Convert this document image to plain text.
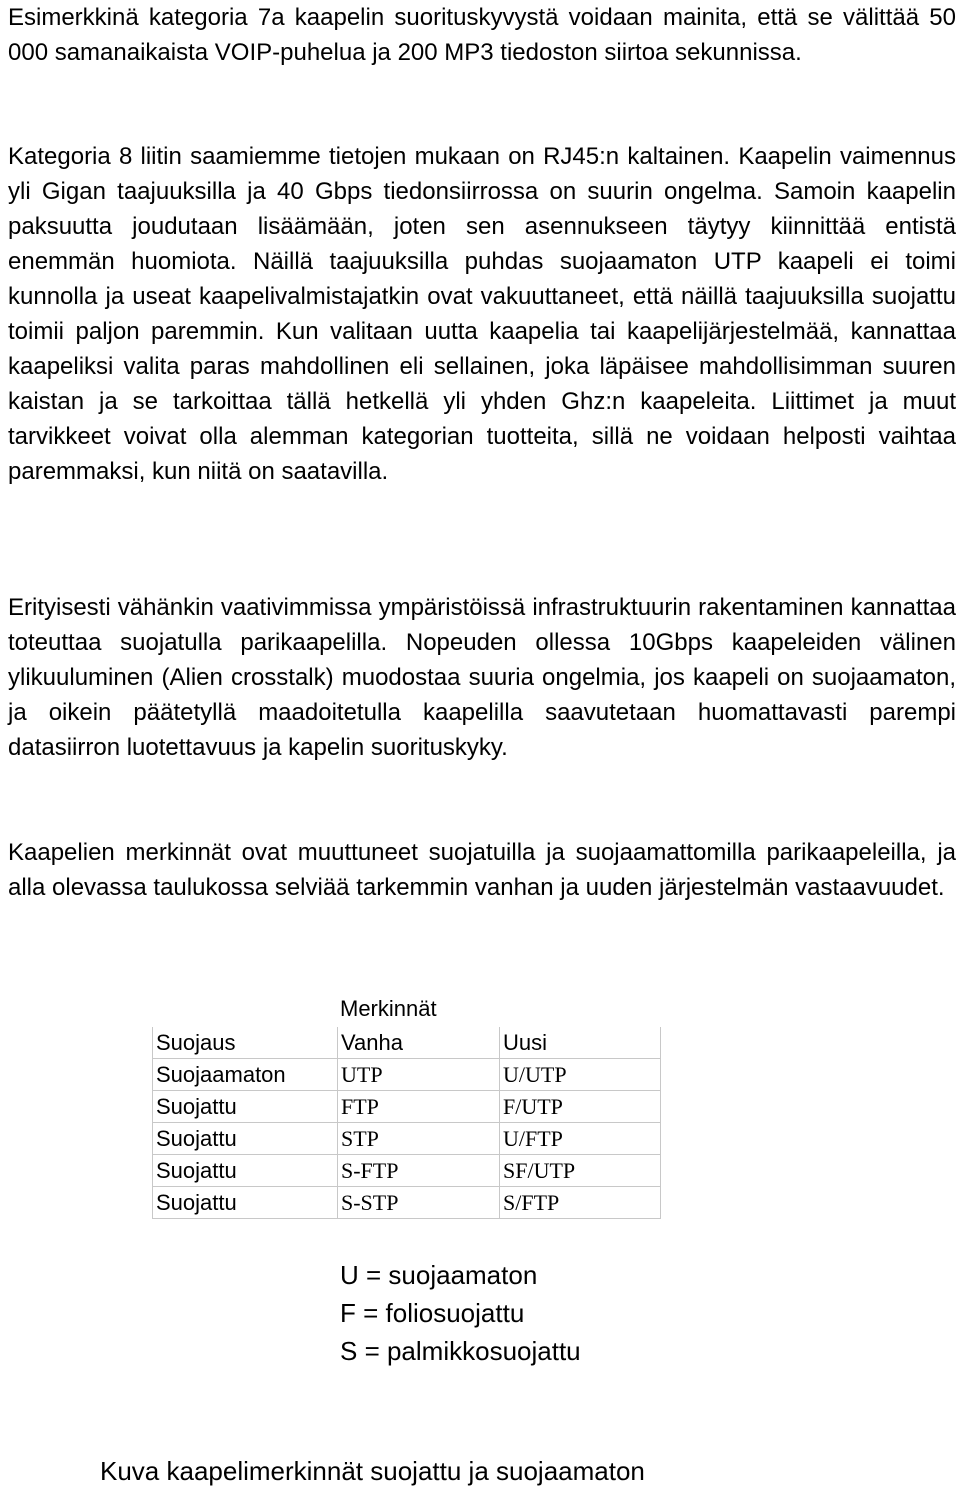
Esimerkkinä kategoria 7a kaapelin suorituskyvystä voidaan mainita, että se välittää 50 000 samanaikaista VOIP-puhelua ja 200 MP3 tiedoston siirtoa sekunnissa.

Kategoria 8 liitin saamiemme tietojen mukaan on RJ45:n kaltainen. Kaapelin vaimennus yli Gigan taajuuksilla ja 40 Gbps tiedonsiirrossa on suurin ongelma. Samoin kaapelin paksuutta joudutaan lisäämään, joten sen asennukseen täytyy kiinnittää entistä enemmän huomiota. Näillä taajuuksilla puhdas suojaamaton UTP kaapeli ei toimi kunnolla ja useat kaapelivalmistajatkin ovat vakuuttaneet, että näillä taajuuksilla suojattu toimii paljon paremmin. Kun valitaan uutta kaapelia tai kaapelijärjestelmää, kannattaa kaapeliksi valita paras mahdollinen eli sellainen, joka läpäisee mahdollisimman suuren kaistan ja se tarkoittaa tällä hetkellä yli yhden Ghz:n kaapeleita. Liittimet ja muut tarvikkeet voivat olla alemman kategorian tuotteita, sillä ne voidaan helposti vaihtaa paremmaksi, kun niitä on saatavilla.

Erityisesti vähänkin vaativimmissa ympäristöissä infrastruktuurin rakentaminen kannattaa toteuttaa suojatulla parikaapelilla. Nopeuden ollessa 10Gbps kaapeleiden välinen ylikuuluminen (Alien crosstalk) muodostaa suuria ongelmia, jos kaapeli on suojaamaton, ja oikein päätetyllä maadoitetulla kaapelilla saavutetaan huomattavasti parempi datasiirron luotettavuus ja kapelin suorituskyky.

Kaapelien merkinnät ovat muuttuneet suojatuilla ja suojaamattomilla parikaapeleilla, ja alla olevassa taulukossa selviää tarkemmin vanhan ja uuden järjestelmän vastaavuudet.

Merkinnät
Suojaus	Vanha	Uusi
Suojaamaton	UTP	U/UTP
Suojattu	FTP	F/UTP
Suojattu	STP	U/FTP
Suojattu	S-FTP	SF/UTP
Suojattu	S-STP	S/FTP
U = suojaamaton
F = foliosuojattu
S = palmikkosuojattu
Kuva kaapelimerkinnät suojattu ja suojaamaton
